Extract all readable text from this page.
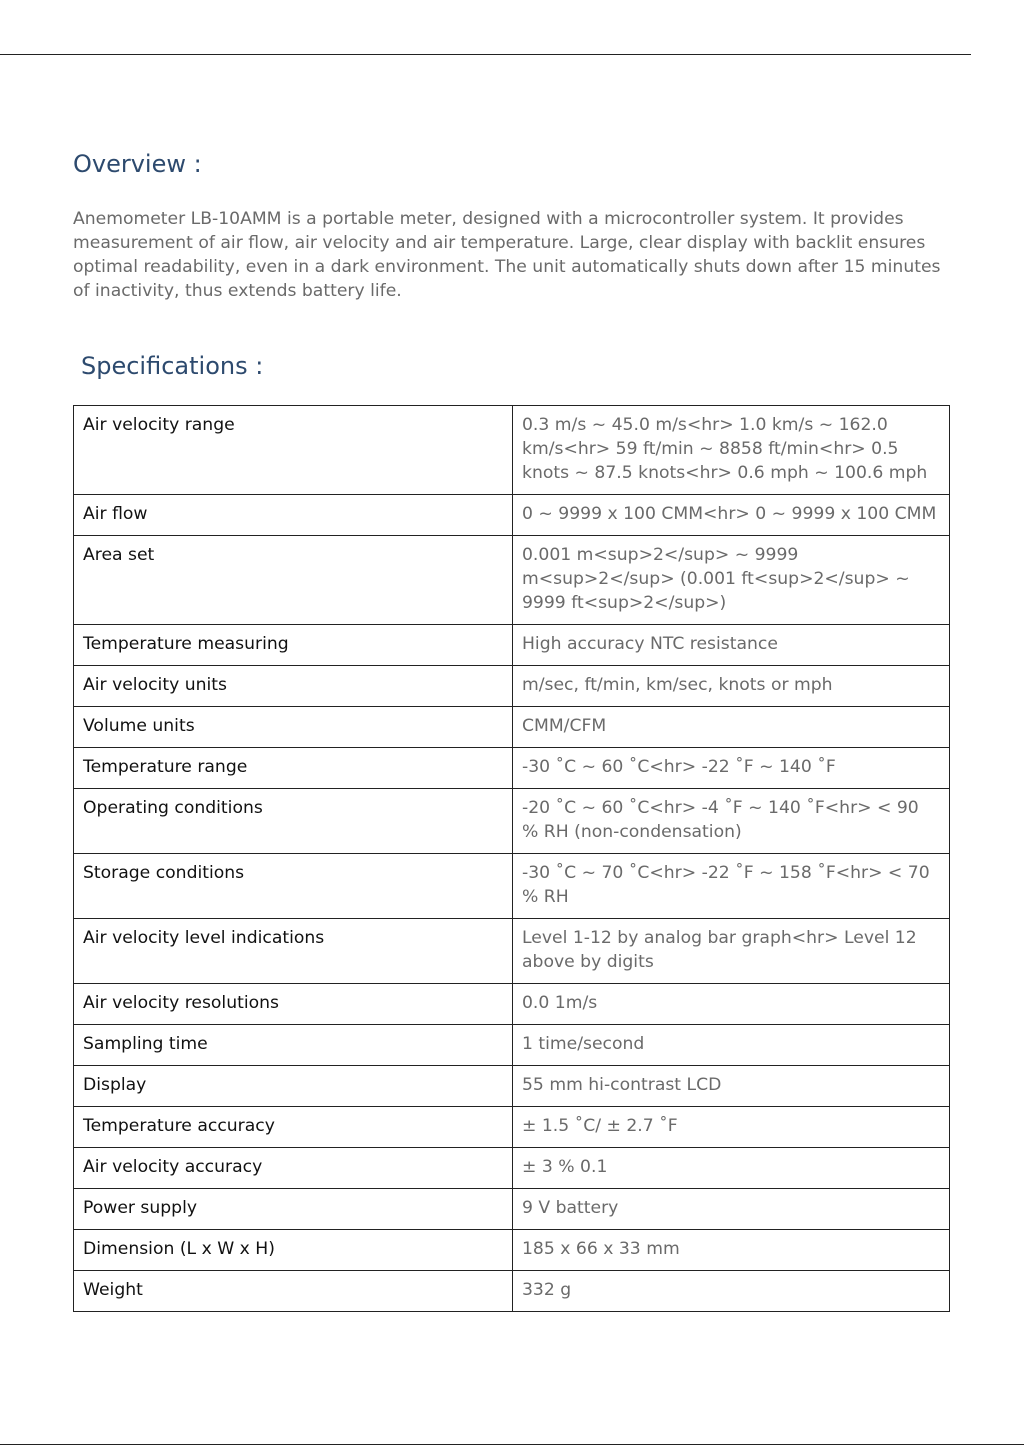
Overview :

Anemometer LB-10AMM is a portable meter, designed with a microcontroller system. It provides measurement of air flow, air velocity and air temperature. Large, clear display with backlit ensures optimal readability, even in a dark environment. The unit automatically shuts down after 15 minutes of inactivity, thus extends battery life.

Specifications :
Air velocity range	0.3 m/s ~ 45.0 m/s<hr> 1.0 km/s ~ 162.0 km/s<hr> 59 ft/min ~ 8858 ft/min<hr> 0.5 knots ~ 87.5 knots<hr> 0.6 mph ~ 100.6 mph
Air flow	0 ~ 9999 x 100 CMM<hr> 0 ~ 9999 x 100 CMM
Area set	0.001 m<sup>2</sup> ~ 9999 m<sup>2</sup> (0.001 ft<sup>2</sup> ~ 9999 ft<sup>2</sup>)
Temperature measuring	High accuracy NTC resistance
Air velocity units	m/sec, ft/min, km/sec, knots or mph
Volume units	CMM/CFM
Temperature range	-30 ˚C ~ 60 ˚C<hr> -22 ˚F ~ 140 ˚F
Operating conditions	-20 ˚C ~ 60 ˚C<hr> -4 ˚F ~ 140 ˚F<hr> < 90 % RH (non-condensation)
Storage conditions	-30 ˚C ~ 70 ˚C<hr> -22 ˚F ~ 158 ˚F<hr> < 70 % RH
Air velocity level indications	Level 1-12 by analog bar graph<hr> Level 12 above by digits
Air velocity resolutions	0.0 1m/s
Sampling time	1 time/second
Display	55 mm hi-contrast LCD
Temperature accuracy	± 1.5 ˚C/ ± 2.7 ˚F
Air velocity accuracy	± 3 % 0.1
Power supply	9 V battery
Dimension (L x W x H)	185 x 66 x 33 mm
Weight	332 g
